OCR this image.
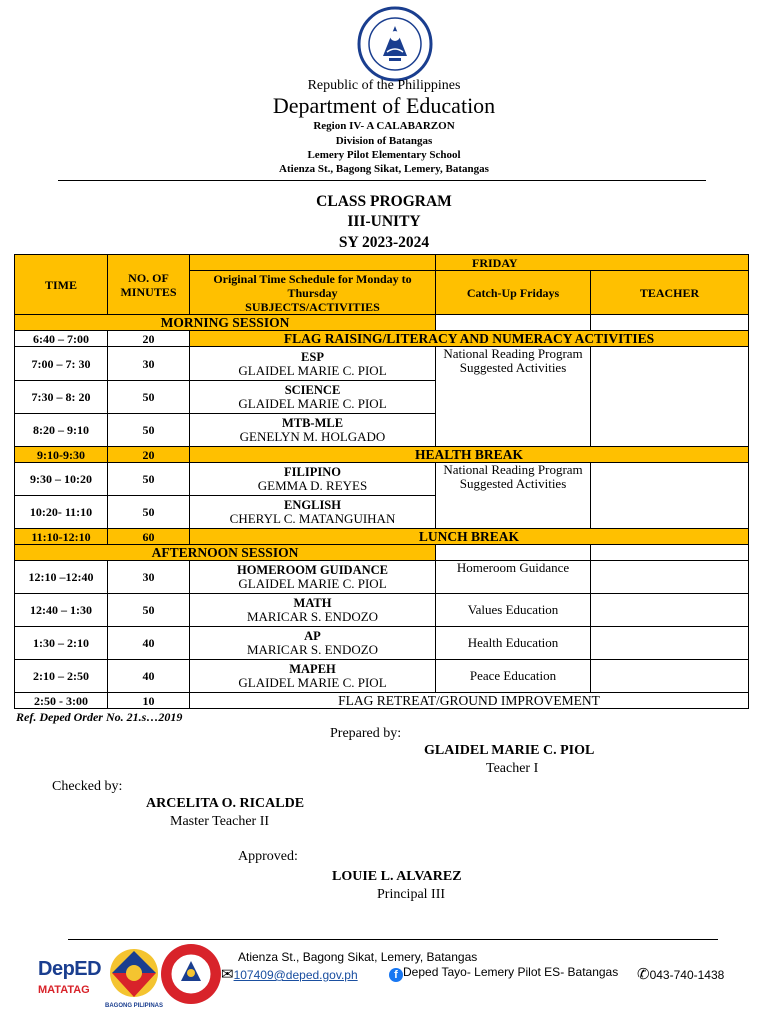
Republic of the Philippines
Department of Education
Region IV- A CALABARZON
Division of Batangas
Lemery Pilot Elementary School
Atienza St., Bagong Sikat, Lemery, Batangas
CLASS PROGRAM
III-UNITY
SY 2023-2024
TIME	NO. OF MINUTES		FRIDAY	

		Original Time Schedule for Monday to Thursday
SUBJECTS/ACTIVITIES	Catch-Up Fridays	TEACHER
MORNING SESSION				
6:40 – 7:00	20	FLAG RAISING/LITERACY AND NUMERACY ACTIVITIES		
7:00 – 7: 30	30	ESP
GLAIDEL MARIE C. PIOL	National Reading Program Suggested Activities	
7:30 – 8: 20	50	SCIENCE
GLAIDEL MARIE C. PIOL		
8:20 – 9:10	50	MTB-MLE
GENELYN M. HOLGADO		
9:10-9:30	20	HEALTH BREAK		
9:30 – 10:20	50	FILIPINO
GEMMA D. REYES	National Reading Program Suggested Activities	
10:20- 11:10	50	ENGLISH
CHERYL C. MATANGUIHAN		
11:10-12:10	60	LUNCH BREAK		
AFTERNOON SESSION				
12:10 –12:40	30	HOMEROOM GUIDANCE
GLAIDEL MARIE C. PIOL	Homeroom Guidance	
12:40 – 1:30	50	MATH
MARICAR S. ENDOZO	Values Education	
1:30 – 2:10	40	AP
MARICAR S. ENDOZO	Health Education	
2:10 – 2:50	40	MAPEH
GLAIDEL MARIE C. PIOL	Peace Education	
2:50 - 3:00	10	FLAG RETREAT/GROUND IMPROVEMENT		
Ref. Deped Order No. 21.s…2019
Prepared by:
GLAIDEL MARIE C. PIOL
Teacher I
Checked by:
ARCELITA O. RICALDE
Master Teacher II
Approved:
LOUIE L. ALVAREZ
Principal III
DepED
MATATAG
BAGONG PILIPINAS
Atienza St., Bagong Sikat, Lemery, Batangas
✉107409@deped.gov.ph	f Deped Tayo- Lemery Pilot ES- Batangas ✆043-740-1438
